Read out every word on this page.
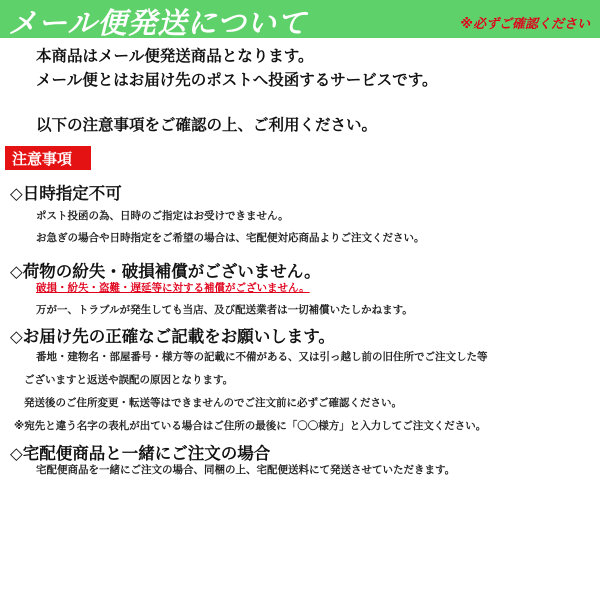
メール便発送について	※必ずご確認ください
本商品はメール便発送商品となります。
メール便とはお届け先のポストへ投函するサービスです。
以下の注意事項をご確認の上、ご利用ください。
注意事項
◇日時指定不可
ポスト投函の為、日時のご指定はお受けできません。
お急ぎの場合や日時指定をご希望の場合は、宅配便対応商品よりご注文ください。
◇荷物の紛失・破損補償がございません。
破損・紛失・盗難・遅延等に対する補償がございません。
万が一、トラブルが発生しても当店、及び配送業者は一切補償いたしかねます。
◇お届け先の正確なご記載をお願いします。
番地・建物名・部屋番号・様方等の記載に不備がある、又は引っ越し前の旧住所でご注文した等
ございますと返送や誤配の原因となります。
発送後のご住所変更・転送等はできませんのでご注文前に必ずご確認ください。
※宛先と違う名字の表札が出ている場合はご住所の最後に「〇〇様方」と入力してご注文ください。
◇宅配便商品と一緒にご注文の場合
宅配便商品を一緒にご注文の場合、同梱の上、宅配便送料にて発送させていただきます。
